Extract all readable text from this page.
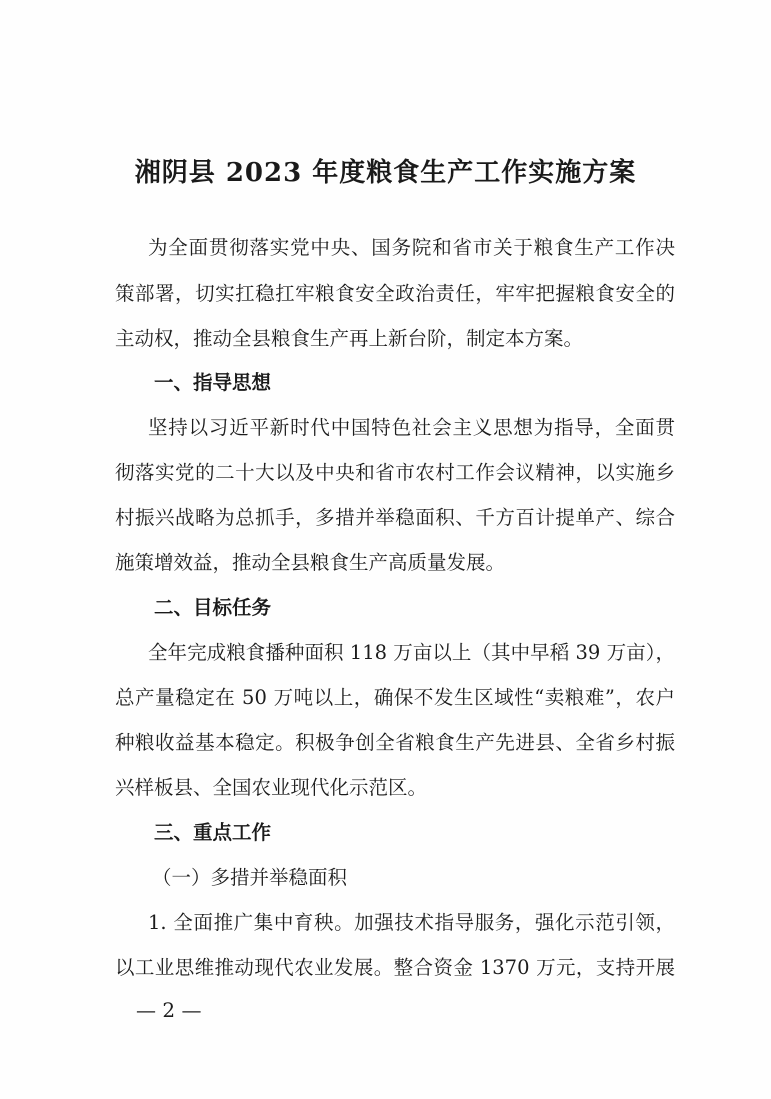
湘阴县 2023 年度粮食生产工作实施方案
为全面贯彻落实党中央、国务院和省市关于粮食生产工作决
策部署，切实扛稳扛牢粮食安全政治责任，牢牢把握粮食安全的
主动权，推动全县粮食生产再上新台阶，制定本方案。
一、指导思想
坚持以习近平新时代中国特色社会主义思想为指导，全面贯
彻落实党的二十大以及中央和省市农村工作会议精神，以实施乡
村振兴战略为总抓手，多措并举稳面积、千方百计提单产、综合
施策增效益，推动全县粮食生产高质量发展。
二、目标任务
全年完成粮食播种面积 118 万亩以上（其中早稻 39 万亩），
总产量稳定在 50 万吨以上，确保不发生区域性“卖粮难”，农户
种粮收益基本稳定。积极争创全省粮食生产先进县、全省乡村振
兴样板县、全国农业现代化示范区。
三、重点工作
（一）多措并举稳面积
1. 全面推广集中育秧。加强技术指导服务，强化示范引领，
以工业思维推动现代农业发展。整合资金 1370 万元，支持开展
— 2 —
